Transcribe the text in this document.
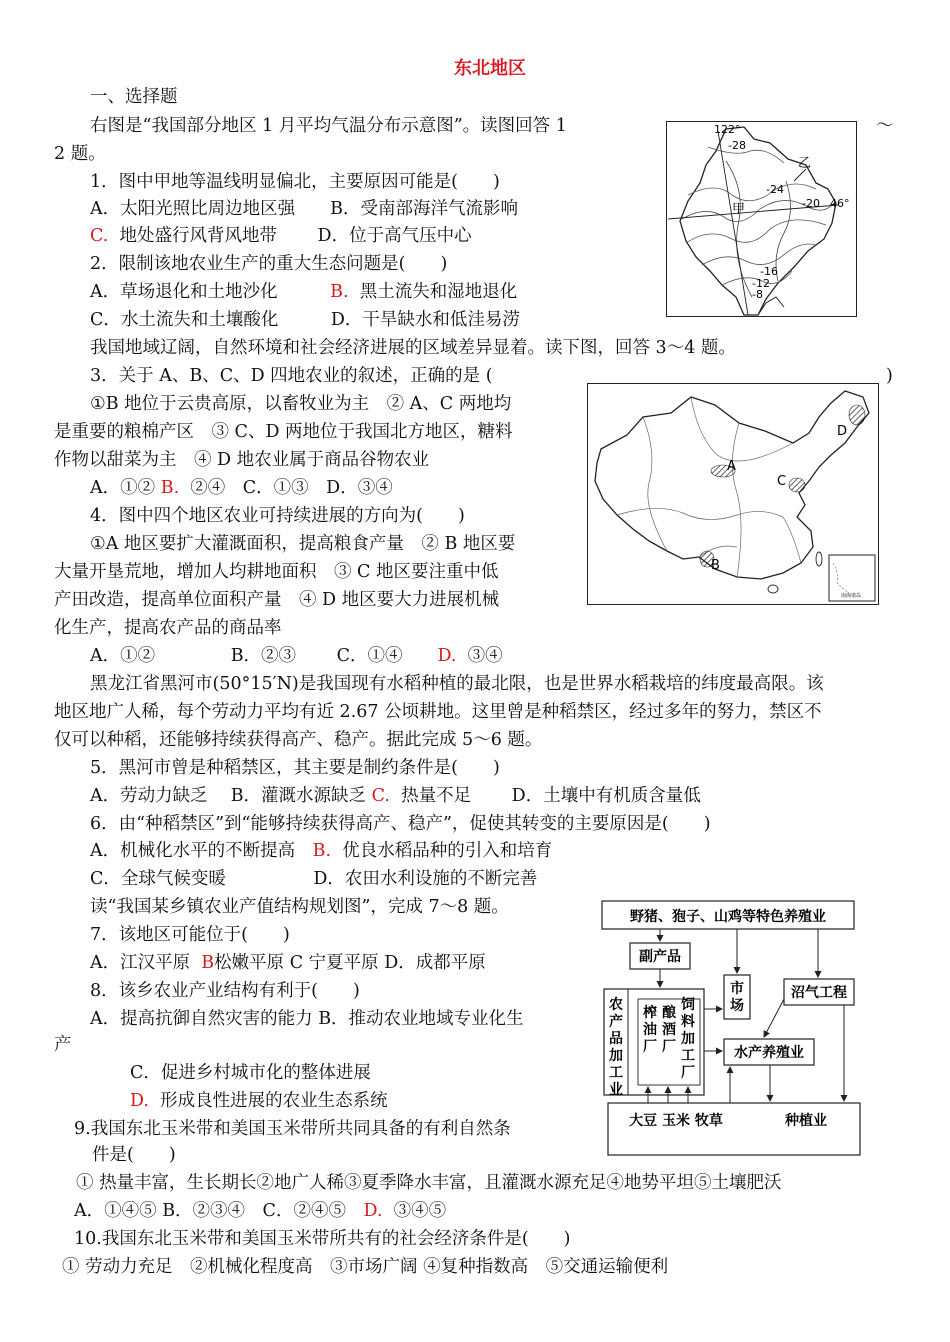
东北地区
一、选择题
右图是“我国部分地区 1 月平均气温分布示意图”。读图回答 1	～
2 题。
1．图中甲地等温线明显偏北，主要原因可能是(　　)
A．太阳光照比周边地区强　　B．受南部海洋气流影响
C. 地处盛行风背风地带　　 D．位于高气压中心
2．限制该地农业生产的重大生态问题是(　　)
A．草场退化和土地沙化　　　B. 黑土流失和湿地退化
C．水土流失和土壤酸化　　　D．干旱缺水和低洼易涝
我国地域辽阔，自然环境和社会经济进展的区域差异显着。读下图，回答 3～4 题。
3．关于 A、B、C、D 四地农业的叙述，正确的是 (	)
①B 地位于云贵高原，以畜牧业为主　② A、C 两地均
是重要的粮棉产区　③ C、D 两地位于我国北方地区，糖料
作物以甜菜为主　④ D 地农业属于商品谷物农业
A．①② B. ②④　C．①③　D．③④
4．图中四个地区农业可持续进展的方向为(　　)
①A 地区要扩大灌溉面积，提高粮食产量　② B 地区要
大量开垦荒地，增加人均耕地面积　③ C 地区要注重中低
产田改造，提高单位面积产量　④ D 地区要大力进展机械
化生产，提高农产品的商品率
A．①②　　　　 B．②③　　 C．①④　　D. ③④
黑龙江省黑河市(50°15′N)是我国现有水稻种植的最北限，也是世界水稻栽培的纬度最高限。该
地区地广人稀，每个劳动力平均有近 2.67 公顷耕地。这里曾是种稻禁区，经过多年的努力，禁区不
仅可以种稻，还能够持续获得高产、稳产。据此完成 5～6 题。
5．黑河市曾是种稻禁区，其主要是制约条件是(　　)
A．劳动力缺乏　 B．灌溉水源缺乏 C. 热量不足　　 D．土壤中有机质含量低
6．由“种稻禁区”到“能够持续获得高产、稳产”，促使其转变的主要原因是(　　)
A．机械化水平的不断提高　B. 优良水稻品种的引入和培育
C．全球气候变暖　　　　　D．农田水利设施的不断完善
读“我国某乡镇农业产值结构规划图”，完成 7～8 题。
7．该地区可能位于(　　)
A．江汉平原 B松嫩平原 C 宁夏平原 D．成都平原
8．该乡农业产业结构有利于(　　)
A．提高抗御自然灾害的能力 B．推动农业地域专业化生
产
C．促进乡村城市化的整体进展
D. 形成良性进展的农业生态系统
9.我国东北玉米带和美国玉米带所共同具备的有利自然条
件是(　　)
① 热量丰富，生长期长②地广人稀③夏季降水丰富，且灌溉水源充足④地势平坦⑤土壤肥沃
A．①④⑤ B．②③④　C．②④⑤　D. ③④⑤
10.我国东北玉米带和美国玉米带所共有的社会经济条件是(　　)
① 劳动力充足　②机械化程度高　③市场广阔 ④复种指数高　⑤交通运输便利
122°
-28
乙
-24
-20 46°
甲
-16
-12
-8
南海诸岛
A
B
C
D
野猪、狍子、山鸡等特色养殖业
副产品
农产品加工业
榨油厂
酿酒厂
饲料加工厂
市场
沼气工程
水产养殖业
大豆 玉米 牧草	种植业
